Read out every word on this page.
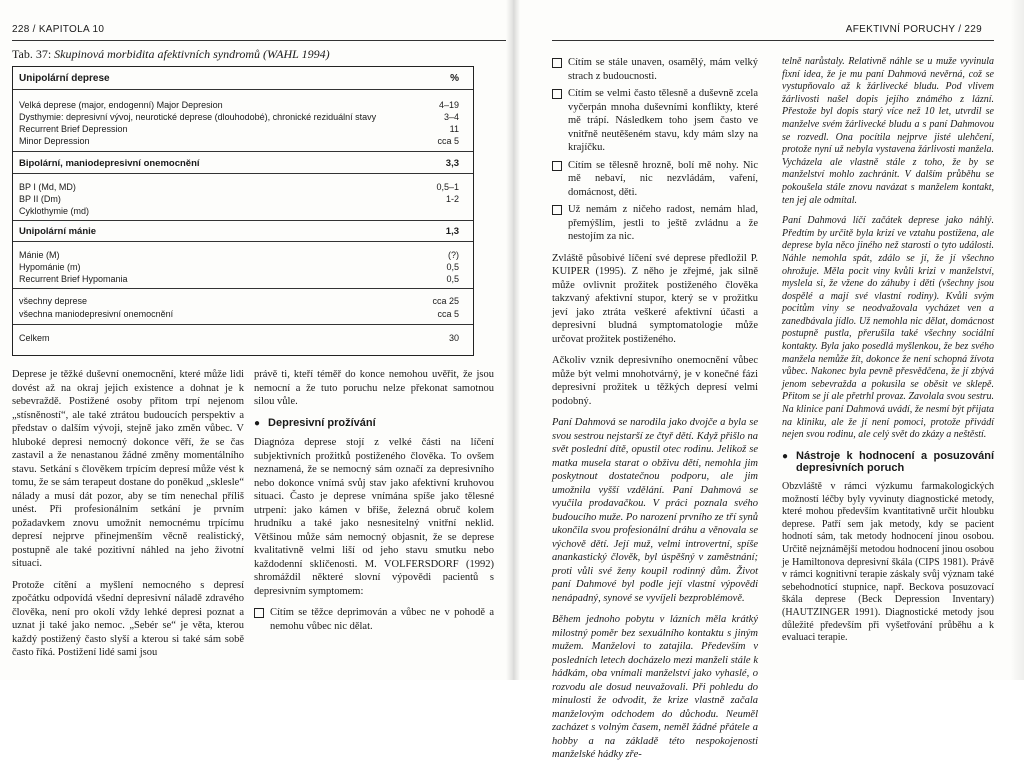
228 / KAPITOLA 10
Tab. 37: Skupinová morbidita afektivních syndromů (WAHL 1994)
Unipolární deprese	%
Velká deprese (major, endogenní) Major Depresion	4–19
Dysthymie: depresivní vývoj, neurotické deprese (dlouhodobé), chronické reziduální stavy	3–4
Recurrent Brief Depression	11
Minor Depression	cca 5
Bipolární, maniodepresivní onemocnění	3,3
BP I (Md, MD)	0,5–1
BP II (Dm)	1-2
Cyklothymie (md)
Unipolární mánie	1,3
Mánie (M)	(?)
Hypománie (m)	0,5
Recurrent Brief Hypomania	0,5
všechny deprese	cca 25
všechna maniodepresivní onemocnění	cca 5
Celkem	30

Deprese je těžké duševní onemocnění, které může lidi dovést až na okraj jejich existence a dohnat je k sebevraždě. Postižené osoby přitom trpí nejenom „stísněností“, ale také ztrátou budoucích perspektiv a představ o dalším vývoji, stejně jako změn vůbec. V hluboké depresi nemocný dokonce věří, že se čas zastavil a že nenastanou žádné změny momentálního stavu. Setkání s člověkem trpícím depresí může vést k tomu, že se sám terapeut dostane do poněkud „sklesle“ nálady a musí dát pozor, aby se tím nenechal příliš unést. Při profesionálním setkání je prvním požadavkem znovu umožnit nemocnému trpícímu depresí nejprve přinejmenším věcně realistický, postupně ale také pozitivní náhled na jeho životní situaci.

Protože cítění a myšlení nemocného s depresí zpočátku odpovídá všední depresivní náladě zdravého člověka, není pro okolí vždy lehké depresi poznat a uznat ji také jako nemoc. „Sebér se“ je věta, kterou každý postižený často slyší a kterou si také sám sobě často říká. Postižení lidé sami jsou

právě ti, kteří téměř do konce nemohou uvěřit, že jsou nemocní a že tuto poruchu nelze překonat samotnou silou vůle.

● Depresivní prožívání

Diagnóza deprese stojí z velké části na líčení subjektivních prožitků postiženého člověka. To ovšem neznamená, že se nemocný sám označí za depresivního nebo dokonce vnímá svůj stav jako afektivní kruhovou situaci. Často je deprese vnímána spíše jako tělesné utrpení: jako kámen v břiše, železná obruč kolem hrudníku a také jako nesnesitelný vnitřní neklid. Většinou může sám nemocný objasnit, že se deprese kvalitativně velmi liší od jeho stavu smutku nebo každodenní sklíčenosti. M. VOLFERSDORF (1992) shromáždil některé slovní výpovědi pacientů s depresivním symptomem:

Cítím se těžce deprimován a vůbec ne v pohodě a nemohu vůbec nic dělat.
AFEKTIVNÍ PORUCHY / 229
Cítím se stále unaven, osamělý, mám velký strach z budoucnosti.
Cítím se velmi často tělesně a duševně zcela vyčerpán mnoha duševními konflikty, které mě trápí. Následkem toho jsem často ve vnitřně neutěšeném stavu, kdy mám slzy na krajíčku.
Cítím se tělesně hrozně, bolí mě nohy. Nic mě nebaví, nic nezvládám, vaření, domácnost, děti.
Už nemám z ničeho radost, nemám hlad, přemýšlím, jestli to ještě zvládnu a že nestojím za nic.

Zvláště působivé líčení své deprese předložil P. KUIPER (1995). Z něho je zřejmé, jak silně může ovlivnit prožitek postiženého člověka takzvaný afektivní stupor, který se v prožitku jeví jako ztráta veškeré afektivní účasti a depresivní bludná symptomatologie může určovat prožitek postiženého.

Ačkoliv vznik depresivního onemocnění vůbec může být velmi mnohotvárný, je v konečné fázi depresivní prožitek u těžkých depresí velmi podobný.

Paní Dahmová se narodila jako dvojče a byla se svou sestrou nejstarší ze čtyř dětí. Když přišlo na svět poslední dítě, opustil otec rodinu. Jelikož se matka musela starat o obživu dětí, nemohla jim poskytnout dostatečnou podporu, ale jim umožnila vyšší vzdělání. Paní Dahmová se vyučila prodavačkou. V práci poznala svého budoucího muže. Po narození prvního ze tří synů ukončila svou profesionální dráhu a věnovala se výchově dětí. Její muž, velmi introvertní, spíše anankastický člověk, byl úspěšný v zaměstnání; proti vůli své ženy koupil rodinný dům. Život paní Dahmové byl podle její vlastní výpovědi nenápadný, synové se vyvíjeli bezproblémově.

Během jednoho pobytu v lázních měla krátký milostný poměr bez sexuálního kontaktu s jiným mužem. Manželovi to zatajila. Především v posledních letech docházelo mezi manželi stále k hádkám, oba vnímali manželství jako vyhaslé, o rozvodu ale dosud neuvažovali. Při pohledu do minulosti že odvodit, že krize vlastně začala manželovým odchodem do důchodu. Neuměl zacházet s volným časem, neměl žádné přátele a hobby a na základě této nespokojenosti manželské hádky zře-

telně narůstaly. Relativně náhle se u muže vyvinula fixní idea, že je mu paní Dahmová nevěrná, což se vystupňovalo až k žárlivecké bludu. Pod vlivem žárlivosti našel dopis jejího známého z lázní. Přestože byl dopis starý více než 10 let, utvrdil se manželve svém žárlivecké bludu a s paní Dahmovou se rozvedl. Ona pocítila nejprve jisté ulehčení, protože nyní už nebyla vystavena žárlivosti manžela. Vycházela ale vlastně stále z toho, že by se manželství mohlo zachránit. V dalším průběhu se pokoušela stále znovu navázat s manželem kontakt, ten jej ale odmítal.

Paní Dahmová líčí začátek deprese jako náhlý. Předtím by určitě byla krizí ve vztahu postižena, ale deprese byla něco jiného než starosti o tyto události. Náhle nemohla spát, zdálo se jí, že jí všechno ohrožuje. Měla pocit viny kvůli krizi v manželství, myslela si, že vžene do záhuby i děti (všechny jsou dospělé a mají své vlastní rodiny). Kvůli svým pocitům viny se neodvažovala vycházet ven a zanedbávala jídlo. Už nemohla nic dělat, domácnost postupně pustla, přerušila také všechny sociální kontakty. Byla jako posedlá myšlenkou, že bez svého manžela nemůže žít, dokonce že není schopná žívota vůbec. Nakonec byla pevně přesvědčena, že jí zbývá jenom sebevražda a pokusila se oběsit ve sklepě. Přitom se jí ale přetrhl provaz. Zavolala svou sestru. Na klinice paní Dahmová uvádí, že nesmí být přijata na kliniku, ale že jí není pomoci, protože přivádí nejen svou rodinu, ale celý svět do zkázy a neštěstí.

● Nástroje k hodnocení a posuzování depresivních poruch

Obzvláště v rámci výzkumu farmakologických možností léčby byly vyvinuty diagnostické metody, které mohou především kvantitativně určit hloubku deprese. Patří sem jak metody, kdy se pacient hodnotí sám, tak metody hodnocení jinou osobou. Určitě nejznámější metodou hodnocení jinou osobou je Hamiltonova depresivní škála (CIPS 1981). Právě v rámci kognitivní terapie záskaly svůj význam také sebehodnotící stupnice, např. Beckova posuzovací škála deprese (Beck Depression Inventary) (HAUTZINGER 1991). Diagnostické metody jsou důležité především při vyšetřování průběhu a k evaluaci terapie.
